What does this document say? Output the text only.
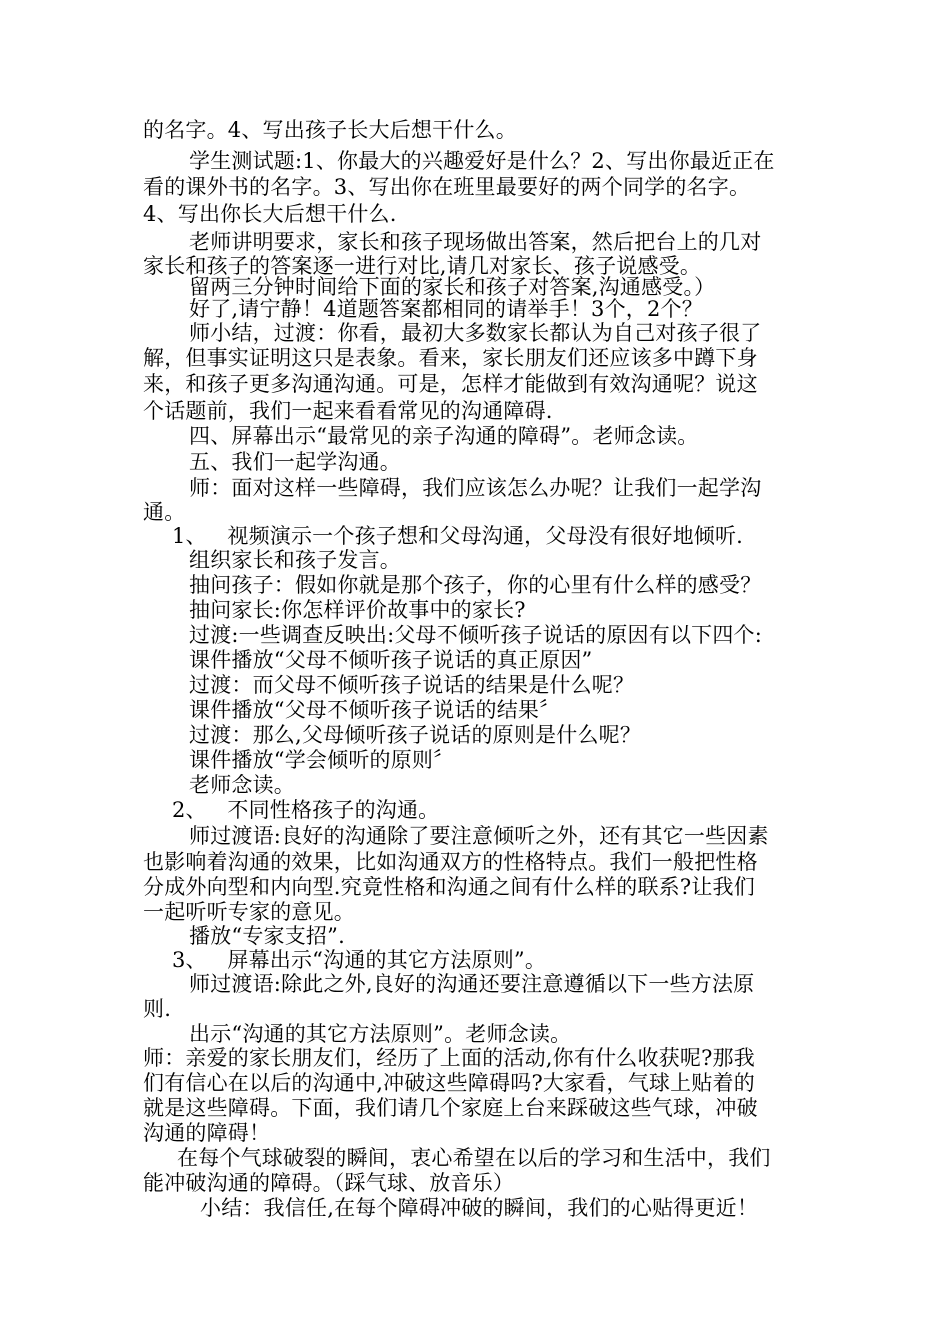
的名字。4、写出孩子长大后想干什么。
学生测试题:1、你最大的兴趣爱好是什么？2、写出你最近正在
看的课外书的名字。3、写出你在班里最要好的两个同学的名字。
4、写出你长大后想干什么.
老师讲明要求，家长和孩子现场做出答案，然后把台上的几对
家长和孩子的答案逐一进行对比,请几对家长、孩子说感受。
留两三分钟时间给下面的家长和孩子对答案,沟通感受。）
好了,请宁静！4道题答案都相同的请举手！3个，2个？
师小结，过渡：你看，最初大多数家长都认为自己对孩子很了
解，但事实证明这只是表象。看来，家长朋友们还应该多中蹲下身
来，和孩子更多沟通沟通。可是，怎样才能做到有效沟通呢？说这
个话题前，我们一起来看看常见的沟通障碍.
四、屏幕出示“最常见的亲子沟通的障碍”。老师念读。
五、我们一起学沟通。
师：面对这样一些障碍，我们应该怎么办呢？让我们一起学沟
通。
1、   视频演示一个孩子想和父母沟通，父母没有很好地倾听.
组织家长和孩子发言。
抽问孩子：假如你就是那个孩子，你的心里有什么样的感受？
抽问家长:你怎样评价故事中的家长?
过渡:一些调查反映出:父母不倾听孩子说话的原因有以下四个:
课件播放“父母不倾听孩子说话的真正原因”
过渡：而父母不倾听孩子说话的结果是什么呢？
课件播放“父母不倾听孩子说话的结果〞
过渡：那么,父母倾听孩子说话的原则是什么呢？
课件播放“学会倾听的原则〞
老师念读。
2、   不同性格孩子的沟通。
师过渡语:良好的沟通除了要注意倾听之外，还有其它一些因素
也影响着沟通的效果，比如沟通双方的性格特点。我们一般把性格
分成外向型和内向型.究竟性格和沟通之间有什么样的联系?让我们
一起听听专家的意见。
播放“专家支招”.
3、   屏幕出示“沟通的其它方法原则”。
师过渡语:除此之外,良好的沟通还要注意遵循以下一些方法原
则.
出示“沟通的其它方法原则”。老师念读。
师：亲爱的家长朋友们，经历了上面的活动,你有什么收获呢?那我
们有信心在以后的沟通中,冲破这些障碍吗?大家看，气球上贴着的
就是这些障碍。下面，我们请几个家庭上台来踩破这些气球，冲破
沟通的障碍！
在每个气球破裂的瞬间，衷心希望在以后的学习和生活中，我们
能冲破沟通的障碍。（踩气球、放音乐）
小结：我信任,在每个障碍冲破的瞬间，我们的心贴得更近！
